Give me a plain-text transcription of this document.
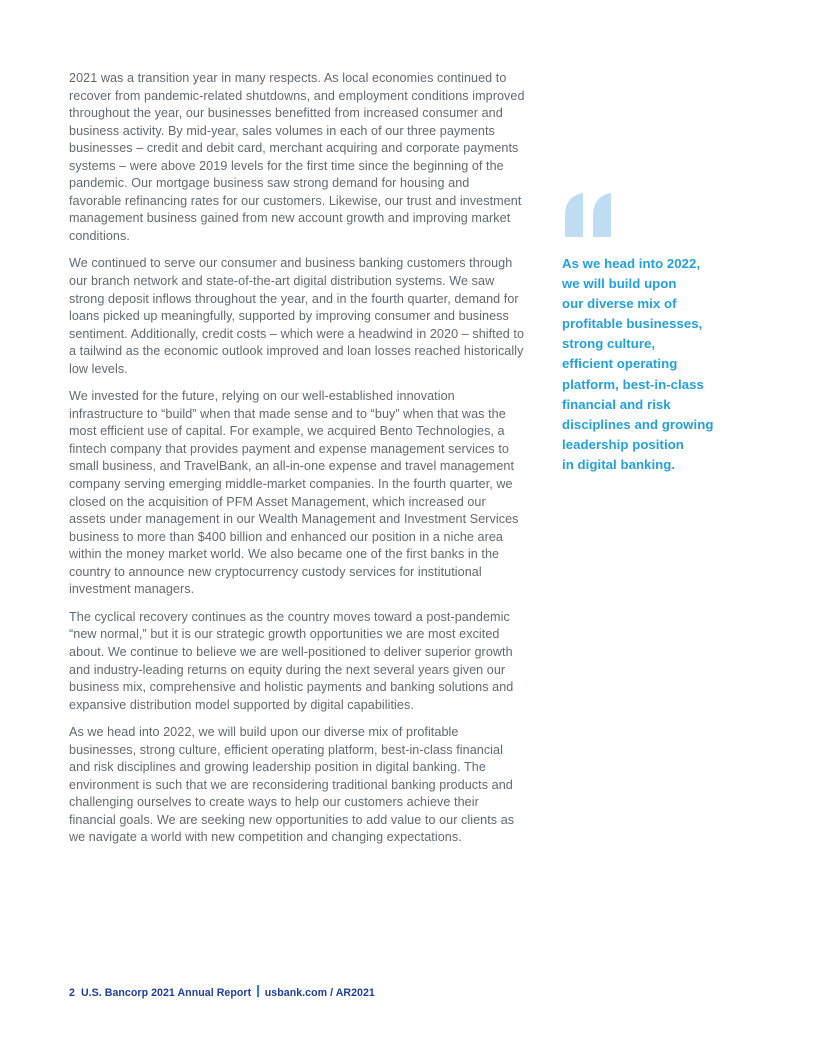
2021 was a transition year in many respects. As local economies continued to recover from pandemic-related shutdowns, and employment conditions improved throughout the year, our businesses benefitted from increased consumer and business activity. By mid-year, sales volumes in each of our three payments businesses – credit and debit card, merchant acquiring and corporate payments systems – were above 2019 levels for the first time since the beginning of the pandemic. Our mortgage business saw strong demand for housing and favorable refinancing rates for our customers. Likewise, our trust and investment management business gained from new account growth and improving market conditions.

We continued to serve our consumer and business banking customers through our branch network and state-of-the-art digital distribution systems. We saw strong deposit inflows throughout the year, and in the fourth quarter, demand for loans picked up meaningfully, supported by improving consumer and business sentiment. Additionally, credit costs – which were a headwind in 2020 – shifted to a tailwind as the economic outlook improved and loan losses reached historically low levels.

We invested for the future, relying on our well-established innovation infrastructure to “build” when that made sense and to “buy” when that was the most efficient use of capital. For example, we acquired Bento Technologies, a fintech company that provides payment and expense management services to small business, and TravelBank, an all-in-one expense and travel management company serving emerging middle-market companies. In the fourth quarter, we closed on the acquisition of PFM Asset Management, which increased our assets under management in our Wealth Management and Investment Services business to more than $400 billion and enhanced our position in a niche area within the money market world. We also became one of the first banks in the country to announce new cryptocurrency custody services for institutional investment managers.

The cyclical recovery continues as the country moves toward a post-pandemic “new normal,” but it is our strategic growth opportunities we are most excited about. We continue to believe we are well-positioned to deliver superior growth and industry-leading returns on equity during the next several years given our business mix, comprehensive and holistic payments and banking solutions and expansive distribution model supported by digital capabilities.

As we head into 2022, we will build upon our diverse mix of profitable businesses, strong culture, efficient operating platform, best-in-class financial and risk disciplines and growing leadership position in digital banking. The environment is such that we are reconsidering traditional banking products and challenging ourselves to create ways to help our customers achieve their financial goals. We are seeking new opportunities to add value to our clients as we navigate a world with new competition and changing expectations.

As we head into 2022,
we will build upon
our diverse mix of
profitable businesses,
strong culture,
efficient operating
platform, best-in-class
financial and risk
disciplines and growing
leadership position
in digital banking.

2 U.S. Bancorp 2021 Annual Report usbank.com / AR2021
